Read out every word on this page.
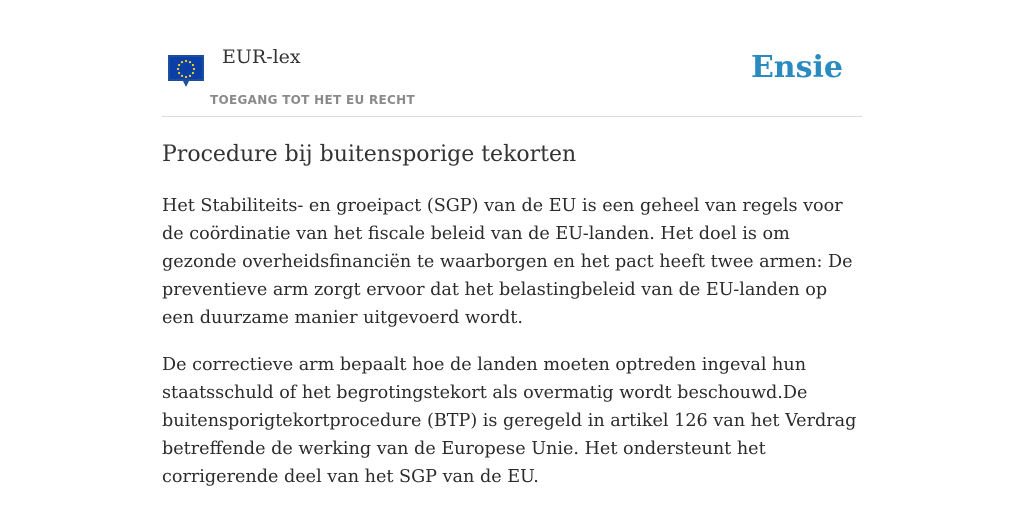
EUR-lex
TOEGANG TOT HET EU RECHT
Ensie
Procedure bij buitensporige tekorten

Het Stabiliteits- en groeipact (SGP) van de EU is een geheel van regels voor de coördinatie van het fiscale beleid van de EU-landen. Het doel is om gezonde overheidsfinanciën te waarborgen en het pact heeft twee armen: De preventieve arm zorgt ervoor dat het belastingbeleid van de EU-landen op een duurzame manier uitgevoerd wordt.

De correctieve arm bepaalt hoe de landen moeten optreden ingeval hun staatsschuld of het begrotingstekort als overmatig wordt beschouwd.De buitensporigtekortprocedure (BTP) is geregeld in artikel 126 van het Verdrag betreffende de werking van de Europese Unie. Het ondersteunt het corrigerende deel van het SGP van de EU.
